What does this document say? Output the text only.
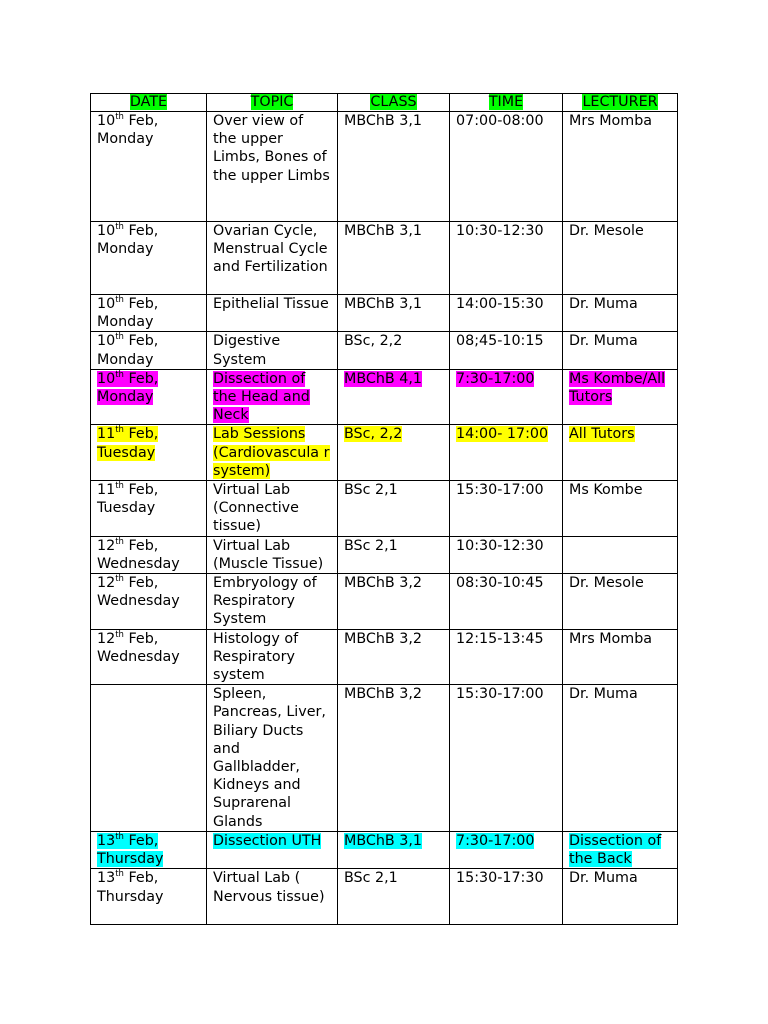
DATE	TOPIC	CLASS	TIME	LECTURER
10th Feb, Monday	Over view of the upper Limbs, Bones of the upper Limbs	MBChB 3,1	07:00-08:00	Mrs Momba
10th Feb, Monday	Ovarian Cycle, Menstrual Cycle and Fertilization	MBChB 3,1	10:30-12:30	Dr. Mesole
10th Feb, Monday	Epithelial Tissue	MBChB 3,1	14:00-15:30	Dr. Muma
10th Feb, Monday	Digestive System	BSc, 2,2	08;45-10:15	Dr. Muma
10th Feb, Monday	Dissection of the Head and Neck	MBChB 4,1	7:30-17:00	Ms Kombe/All Tutors
11th Feb, Tuesday	Lab Sessions (Cardiovascula r system)	BSc, 2,2	14:00- 17:00	All Tutors
11th Feb, Tuesday	Virtual Lab (Connective tissue)	BSc 2,1	15:30-17:00	Ms Kombe
12th Feb, Wednesday	Virtual Lab (Muscle Tissue)	BSc 2,1	10:30-12:30	
12th Feb, Wednesday	Embryology of Respiratory System	MBChB 3,2	08:30-10:45	Dr. Mesole
12th Feb, Wednesday	Histology of Respiratory system	MBChB 3,2	12:15-13:45	Mrs Momba
	Spleen, Pancreas, Liver, Biliary Ducts and Gallbladder, Kidneys and Suprarenal Glands	MBChB 3,2	15:30-17:00	Dr. Muma
13th Feb, Thursday	Dissection UTH	MBChB 3,1	7:30-17:00	Dissection of the Back
13th Feb, Thursday	Virtual Lab ( Nervous tissue)	BSc 2,1	15:30-17:30	Dr. Muma
